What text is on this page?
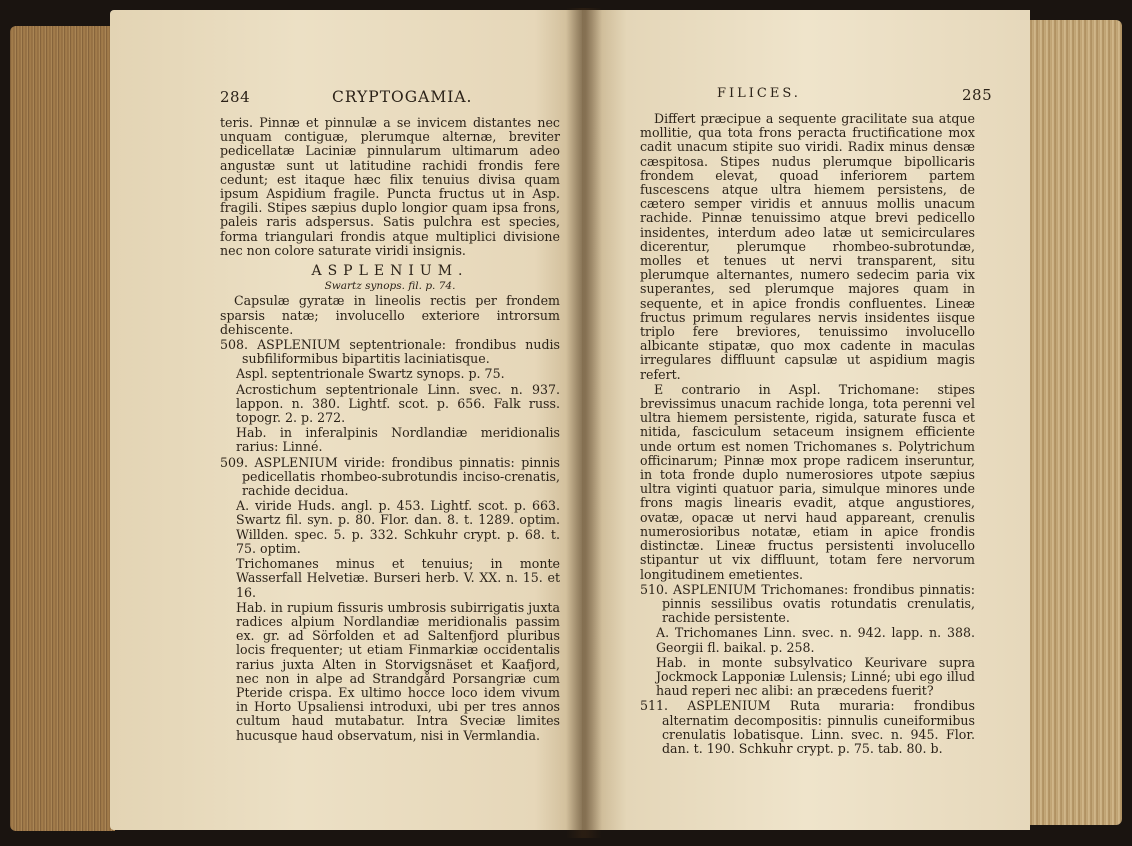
284	CRYPTOGAMIA.

teris. Pinnæ et pinnulæ a se invicem distantes nec unquam contiguæ, plerumque alternæ, breviter pedicellatæ Laciniæ pinnularum ultimarum adeo angustæ sunt ut latitudine rachidi frondis fere cedunt; est itaque hæc filix tenuius divisa quam ipsum Aspidium fragile. Puncta fructus ut in Asp. fragili. Stipes sæpius duplo longior quam ipsa frons, paleis raris adspersus. Satis pulchra est species, forma triangulari frondis atque multiplici divisione nec non colore saturate viridi insignis.

ASPLENIUM.

Swartz synops. fil. p. 74.

Capsulæ gyratæ in lineolis rectis per frondem sparsis natæ; involucello exteriore introrsum dehiscente.

508. ASPLENIUM septentrionale: frondibus nudis subfiliformibus bipartitis laciniatisque.

Aspl. septentrionale Swartz synops. p. 75.

Acrostichum septentrionale Linn. svec. n. 937. lappon. n. 380. Lightf. scot. p. 656. Falk russ. topogr. 2. p. 272.

Hab. in inferalpinis Nordlandiæ meridionalis rarius: Linné.

509. ASPLENIUM viride: frondibus pinnatis: pinnis pedicellatis rhombeo-subrotundis inciso-crenatis, rachide decidua.

A. viride Huds. angl. p. 453. Lightf. scot. p. 663. Swartz fil. syn. p. 80. Flor. dan. 8. t. 1289. optim. Willden. spec. 5. p. 332. Schkuhr crypt. p. 68. t. 75. optim.

Trichomanes minus et tenuius; in monte Wasserfall Helvetiæ. Burseri herb. V. XX. n. 15. et 16.

Hab. in rupium fissuris umbrosis subirrigatis juxta radices alpium Nordlandiæ meridionalis passim ex. gr. ad Sörfolden et ad Saltenfjord pluribus locis frequenter; ut etiam Finmarkiæ occidentalis rarius juxta Alten in Storvigsnäset et Kaafjord, nec non in alpe ad Strandgård Porsangriæ cum Pteride crispa. Ex ultimo hocce loco idem vivum in Horto Upsaliensi introduxi, ubi per tres annos cultum haud mutabatur. Intra Sveciæ limites hucusque haud observatum, nisi in Vermlandia.

FILICES.	285

Differt præcipue a sequente gracilitate sua atque mollitie, qua tota frons peracta fructificatione mox cadit unacum stipite suo viridi. Radix minus densæ cæspitosa. Stipes nudus plerumque bipollicaris frondem elevat, quoad inferiorem partem fuscescens atque ultra hiemem persistens, de cætero semper viridis et annuus mollis unacum rachide. Pinnæ tenuissimo atque brevi pedicello insidentes, interdum adeo latæ ut semicirculares dicerentur, plerumque rhombeo-subrotundæ, molles et tenues ut nervi transparent, situ plerumque alternantes, numero sedecim paria vix superantes, sed plerumque majores quam in sequente, et in apice frondis confluentes. Lineæ fructus primum regulares nervis insidentes iisque triplo fere breviores, tenuissimo involucello albicante stipatæ, quo mox cadente in maculas irregulares diffluunt capsulæ ut aspidium magis refert.

E contrario in Aspl. Trichomane: stipes brevissimus unacum rachide longa, tota perenni vel ultra hiemem persistente, rigida, saturate fusca et nitida, fasciculum setaceum insignem efficiente unde ortum est nomen Trichomanes s. Polytrichum officinarum; Pinnæ mox prope radicem inseruntur, in tota fronde duplo numerosiores utpote sæpius ultra viginti quatuor paria, simulque minores unde frons magis linearis evadit, atque angustiores, ovatæ, opacæ ut nervi haud appareant, crenulis numerosioribus notatæ, etiam in apice frondis distinctæ. Lineæ fructus persistenti involucello stipantur ut vix diffluunt, totam fere nervorum longitudinem emetientes.

510. ASPLENIUM Trichomanes: frondibus pinnatis: pinnis sessilibus ovatis rotundatis crenulatis, rachide persistente.

A. Trichomanes Linn. svec. n. 942. lapp. n. 388. Georgii fl. baikal. p. 258.

Hab. in monte subsylvatico Keurivare supra Jockmock Lapponiæ Lulensis; Linné; ubi ego illud haud reperi nec alibi: an præcedens fuerit?

511. ASPLENIUM Ruta muraria: frondibus alternatim decompositis: pinnulis cuneiformibus crenulatis lobatisque. Linn. svec. n. 945. Flor. dan. t. 190. Schkuhr crypt. p. 75. tab. 80. b.
